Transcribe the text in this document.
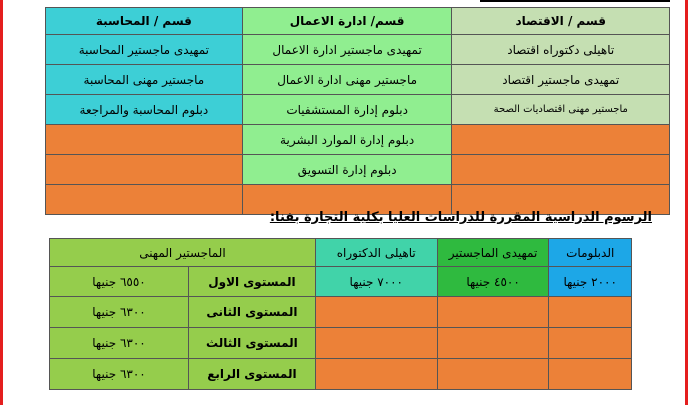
قسم / الاقتصاد	قسم/ ادارة الاعمال	قسم / المحاسبة
تاهيلى دكتوراه اقتصاد	تمهيدى ماجستير ادارة الاعمال	تمهيدى ماجستير المحاسبة
تمهيدى ماجستير اقتصاد	ماجستير مهنى ادارة الاعمال	ماجستير مهنى المحاسبة
ماجستير مهنى اقتصاديات الصحة	دبلوم إدارة المستشفيات	دبلوم المحاسبة والمراجعة
	دبلوم إدارة الموارد البشرية	
	دبلوم إدارة التسويق	

الرسوم الدراسية المقررة للدراسات العليا بكلية التجارة بفنا:
الدبلومات	تمهيدى الماجستير	تاهيلى الدكتوراه	الماجستير المهنى	
٢٠٠٠ جنيها	٤٥٠٠ جنيها	٧٠٠٠ جنيها	المستوى الاول	٦٥٥٠ جنيها
			المستوى الثانى	٦٣٠٠ جنيها
			المستوى الثالث	٦٣٠٠ جنيها
			المستوى الرابع	٦٣٠٠ جنيها
